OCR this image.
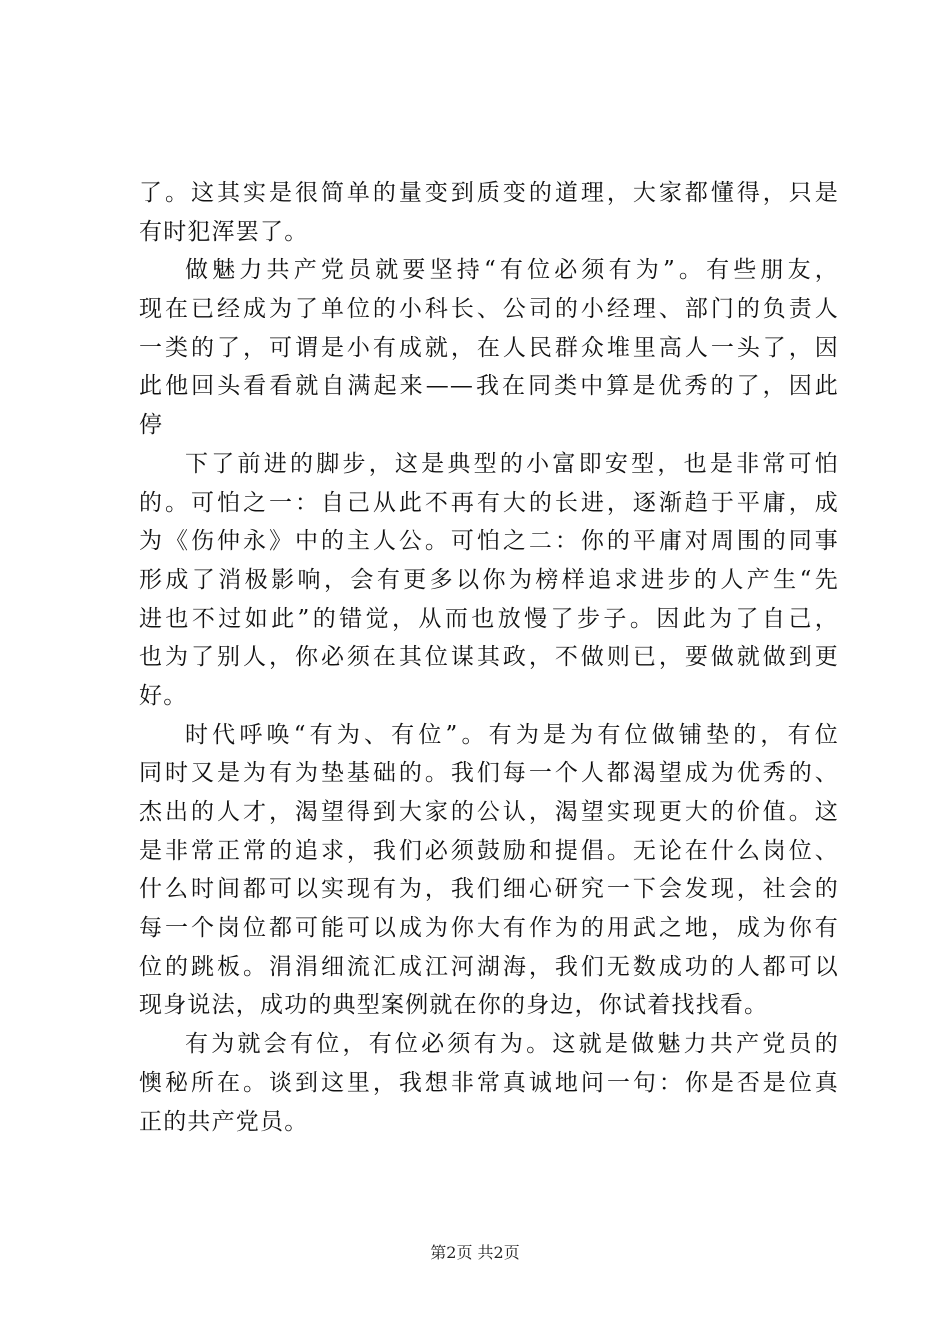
了。这其实是很简单的量变到质变的道理，大家都懂得，只是
有时犯浑罢了。
做魅力共产党员就要坚持“有位必须有为”。有些朋友，
现在已经成为了单位的小科长、公司的小经理、部门的负责人
一类的了，可谓是小有成就，在人民群众堆里高人一头了，因
此他回头看看就自满起来——我在同类中算是优秀的了，因此
停
下了前进的脚步，这是典型的小富即安型，也是非常可怕
的。可怕之一：自己从此不再有大的长进，逐渐趋于平庸，成
为《伤仲永》中的主人公。可怕之二：你的平庸对周围的同事
形成了消极影响，会有更多以你为榜样追求进步的人产生“先
进也不过如此”的错觉，从而也放慢了步子。因此为了自己，
也为了别人，你必须在其位谋其政，不做则已，要做就做到更
好。
时代呼唤“有为、有位”。有为是为有位做铺垫的，有位
同时又是为有为垫基础的。我们每一个人都渴望成为优秀的、
杰出的人才，渴望得到大家的公认，渴望实现更大的价值。这
是非常正常的追求，我们必须鼓励和提倡。无论在什么岗位、
什么时间都可以实现有为，我们细心研究一下会发现，社会的
每一个岗位都可能可以成为你大有作为的用武之地，成为你有
位的跳板。涓涓细流汇成江河湖海，我们无数成功的人都可以
现身说法，成功的典型案例就在你的身边，你试着找找看。
有为就会有位，有位必须有为。这就是做魅力共产党员的
懊秘所在。谈到这里，我想非常真诚地问一句：你是否是位真
正的共产党员。
第2页 共2页
